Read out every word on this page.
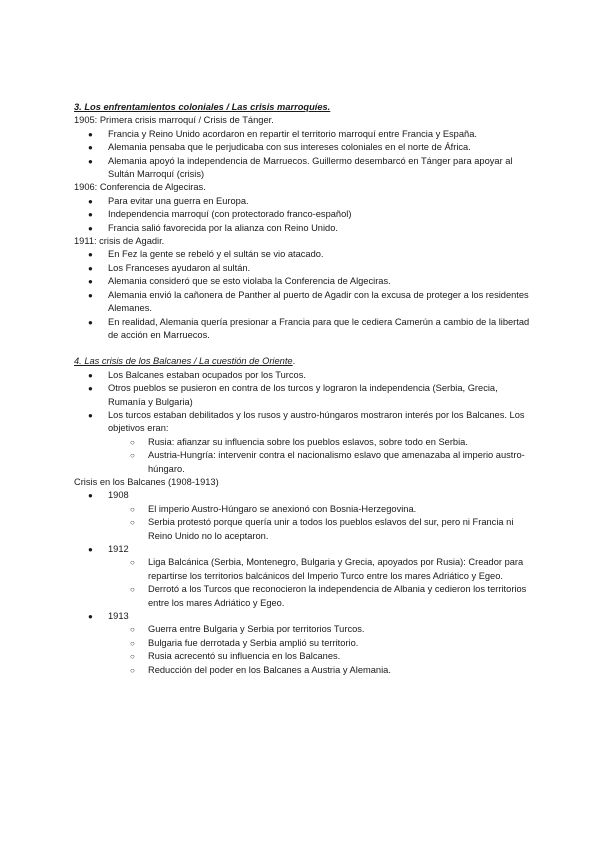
3. Los enfrentamientos coloniales / Las crisis marroquíes.

1905: Primera crisis marroquí / Crisis de Tánger.

● Francia y Reino Unido acordaron en repartir el territorio marroquí entre Francia y España.
● Alemania pensaba que le perjudicaba con sus intereses coloniales en el norte de África.
● Alemania apoyó la independencia de Marruecos. Guillermo desembarcó en Tánger para apoyar al Sultán Marroquí (crisis)

1906: Conferencia de Algeciras.

● Para evitar una guerra en Europa.
● Independencia marroquí (con protectorado franco-español)
● Francia salió favorecida por la alianza con Reino Unido.

1911: crisis de Agadir.

● En Fez la gente se rebeló y el sultán se vio atacado.
● Los Franceses ayudaron al sultán.
● Alemania consideró que se esto violaba la Conferencia de Algeciras.
● Alemania envió la cañonera de Panther al puerto de Agadir con la excusa de proteger a los residentes Alemanes.
● En realidad, Alemania quería presionar a Francia para que le cediera Camerún a cambio de la libertad de acción en Marruecos.

4. Las crisis de los Balcanes / La cuestión de Oriente.

● Los Balcanes estaban ocupados por los Turcos.
● Otros pueblos se pusieron en contra de los turcos y lograron la independencia (Serbia, Grecia, Rumanía y Bulgaria)
● Los turcos estaban debilitados y los rusos y austro-húngaros mostraron interés por los Balcanes. Los objetivos eran:
○ Rusia: afianzar su influencia sobre los pueblos eslavos, sobre todo en Serbia.
○ Austria-Hungría: intervenir contra el nacionalismo eslavo que amenazaba al imperio austro-húngaro.

Crisis en los Balcanes (1908-1913)

● 1908
○ El imperio Austro-Húngaro se anexionó con Bosnia-Herzegovina.
○ Serbia protestó porque quería unir a todos los pueblos eslavos del sur, pero ni Francia ni Reino Unido no lo aceptaron.
● 1912
○ Liga Balcánica (Serbia, Montenegro, Bulgaria y Grecia, apoyados por Rusia): Creador para repartirse los territorios balcánicos del Imperio Turco entre los mares Adriático y Egeo.
○ Derrotó a los Turcos que reconocieron la independencia de Albania y cedieron los territorios entre los mares Adriático y Egeo.
● 1913
○ Guerra entre Bulgaria y Serbia por territorios Turcos.
○ Bulgaria fue derrotada y Serbia amplió su territorio.
○ Rusia acrecentó su influencia en los Balcanes.
○ Reducción del poder en los Balcanes a Austria y Alemania.
